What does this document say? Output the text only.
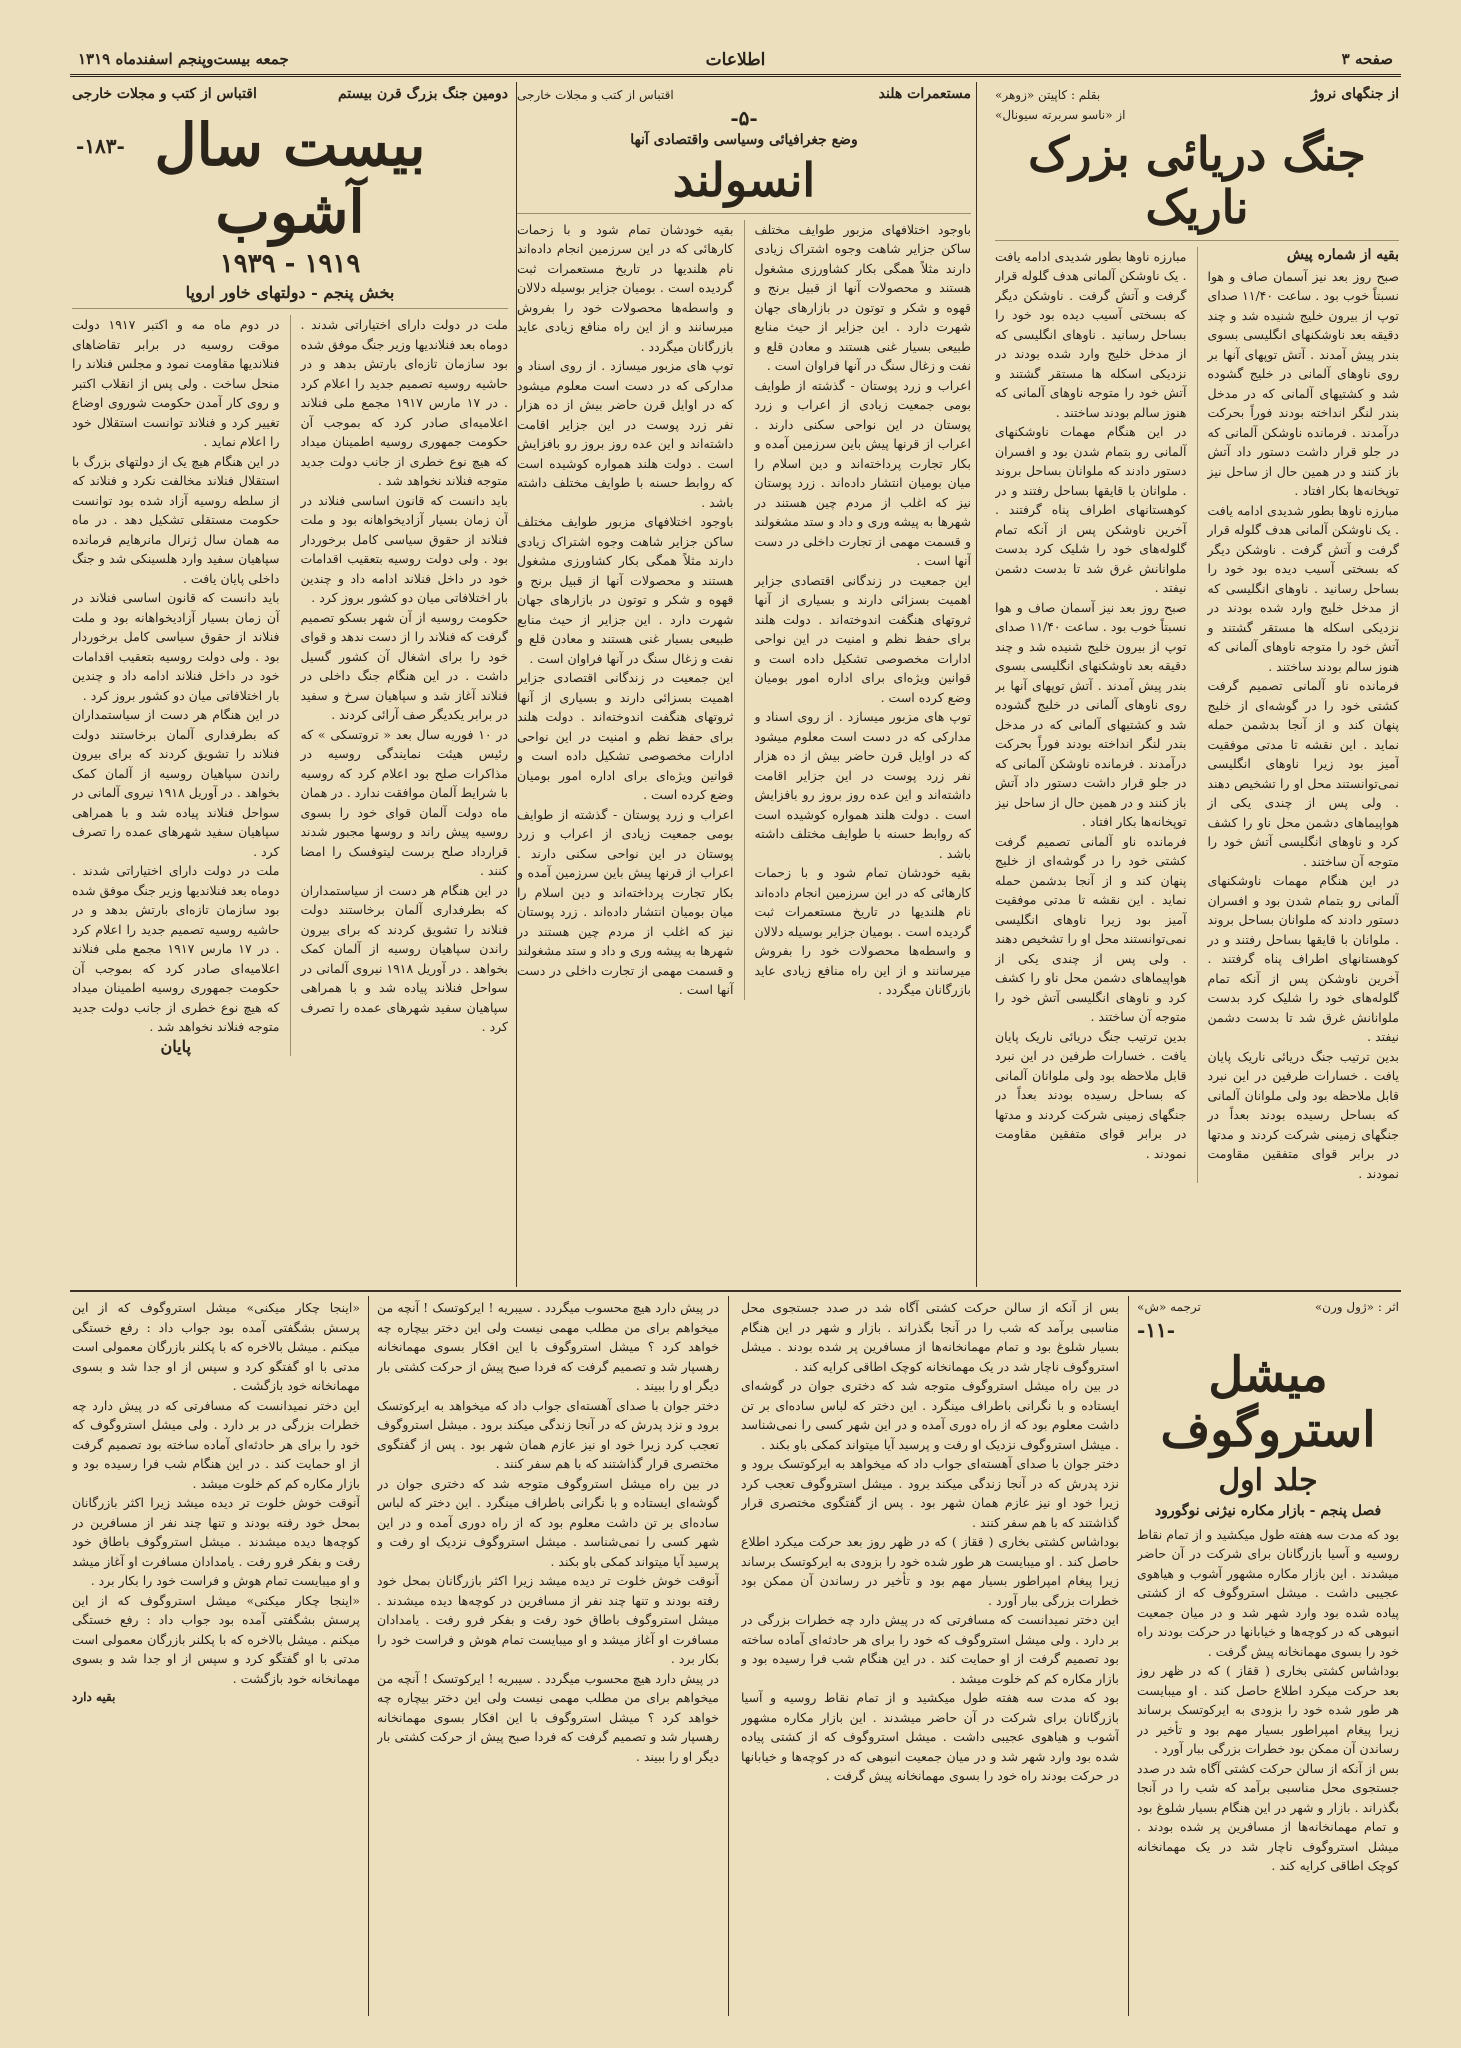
صفحه ۳
اطلاعات
جمعه بیست‌وپنجم اسفندماه ۱۳۱۹
از جنگهای نروژ
بقلم : کاپیتن «زوهر»
از «ناسو سربرته سیونال»
جنگ دریائی بزرک ناریک
بقیه از شماره پیش

صبح روز بعد نیز آسمان صاف و هوا نسبتاً خوب بود . ساعت ۱۱/۴۰ صدای توپ از بیرون خلیج شنیده شد و چند دقیقه بعد ناوشکنهای انگلیسی بسوی بندر پیش آمدند . آتش توپهای آنها بر روی ناوهای آلمانی در خلیج گشوده شد و کشتیهای آلمانی که در مدخل بندر لنگر انداخته بودند فوراً بحرکت درآمدند . فرمانده ناوشکن آلمانی که در جلو قرار داشت دستور داد آتش باز کنند و در همین حال از ساحل نیز توپخانه‌ها بکار افتاد .

مبارزه ناوها بطور شدیدی ادامه یافت . یک ناوشکن آلمانی هدف گلوله قرار گرفت و آتش گرفت . ناوشکن دیگر که بسختی آسیب دیده بود خود را بساحل رسانید . ناوهای انگلیسی که از مدخل خلیج وارد شده بودند در نزدیکی اسکله ها مستقر گشتند و آتش خود را متوجه ناوهای آلمانی که هنوز سالم بودند ساختند .

فرمانده ناو آلمانی تصمیم گرفت کشتی خود را در گوشه‌ای از خلیج پنهان کند و از آنجا بدشمن حمله نماید . این نقشه تا مدتی موفقیت آمیز بود زیرا ناوهای انگلیسی نمی‌توانستند محل او را تشخیص دهند . ولی پس از چندی یکی از هواپیماهای دشمن محل ناو را کشف کرد و ناوهای انگلیسی آتش خود را متوجه آن ساختند .

در این هنگام مهمات ناوشکنهای آلمانی رو بتمام شدن بود و افسران دستور دادند که ملوانان بساحل بروند . ملوانان با قایقها بساحل رفتند و در کوهستانهای اطراف پناه گرفتند . آخرین ناوشکن پس از آنکه تمام گلوله‌های خود را شلیک کرد بدست ملوانانش غرق شد تا بدست دشمن نیفتد .

بدین ترتیب جنگ دریائی ناریک پایان یافت . خسارات طرفین در این نبرد قابل ملاحظه بود ولی ملوانان آلمانی که بساحل رسیده بودند بعداً در جنگهای زمینی شرکت کردند و مدتها در برابر قوای متفقین مقاومت نمودند .

مبارزه ناوها بطور شدیدی ادامه یافت . یک ناوشکن آلمانی هدف گلوله قرار گرفت و آتش گرفت . ناوشکن دیگر که بسختی آسیب دیده بود خود را بساحل رسانید . ناوهای انگلیسی که از مدخل خلیج وارد شده بودند در نزدیکی اسکله ها مستقر گشتند و آتش خود را متوجه ناوهای آلمانی که هنوز سالم بودند ساختند .

در این هنگام مهمات ناوشکنهای آلمانی رو بتمام شدن بود و افسران دستور دادند که ملوانان بساحل بروند . ملوانان با قایقها بساحل رفتند و در کوهستانهای اطراف پناه گرفتند . آخرین ناوشکن پس از آنکه تمام گلوله‌های خود را شلیک کرد بدست ملوانانش غرق شد تا بدست دشمن نیفتد .

صبح روز بعد نیز آسمان صاف و هوا نسبتاً خوب بود . ساعت ۱۱/۴۰ صدای توپ از بیرون خلیج شنیده شد و چند دقیقه بعد ناوشکنهای انگلیسی بسوی بندر پیش آمدند . آتش توپهای آنها بر روی ناوهای آلمانی در خلیج گشوده شد و کشتیهای آلمانی که در مدخل بندر لنگر انداخته بودند فوراً بحرکت درآمدند . فرمانده ناوشکن آلمانی که در جلو قرار داشت دستور داد آتش باز کنند و در همین حال از ساحل نیز توپخانه‌ها بکار افتاد .

فرمانده ناو آلمانی تصمیم گرفت کشتی خود را در گوشه‌ای از خلیج پنهان کند و از آنجا بدشمن حمله نماید . این نقشه تا مدتی موفقیت آمیز بود زیرا ناوهای انگلیسی نمی‌توانستند محل او را تشخیص دهند . ولی پس از چندی یکی از هواپیماهای دشمن محل ناو را کشف کرد و ناوهای انگلیسی آتش خود را متوجه آن ساختند .

بدین ترتیب جنگ دریائی ناریک پایان یافت . خسارات طرفین در این نبرد قابل ملاحظه بود ولی ملوانان آلمانی که بساحل رسیده بودند بعداً در جنگهای زمینی شرکت کردند و مدتها در برابر قوای متفقین مقاومت نمودند .

مستعمرات هلند
اقتباس از کتب و مجلات خارجی
-۵-
وضع جغرافیائی وسیاسی واقتصادی آنها
انسولند

باوجود اختلافهای مزبور طوایف مختلف ساکن جزایر شاهت وجوه اشتراک زیادی دارند مثلاً همگی بکار کشاورزی مشغول هستند و محصولات آنها از قبیل برنج و قهوه و شکر و توتون در بازارهای جهان شهرت دارد . این جزایر از حیث منابع طبیعی بسیار غنی هستند و معادن قلع و نفت و زغال سنگ در آنها فراوان است .

اعراب و زرد پوستان - گذشته از طوایف بومی جمعیت زیادی از اعراب و زرد پوستان در این نواحی سکنی دارند . اعراب از قرنها پیش باین سرزمین آمده و بکار تجارت پرداخته‌اند و دین اسلام را میان بومیان انتشار داده‌اند . زرد پوستان نیز که اغلب از مردم چین هستند در شهرها به پیشه وری و داد و ستد مشغولند و قسمت مهمی از تجارت داخلی در دست آنها است .

این جمعیت در زندگانی اقتصادی جزایر اهمیت بسزائی دارند و بسیاری از آنها ثروتهای هنگفت اندوخته‌اند . دولت هلند برای حفظ نظم و امنیت در این نواحی ادارات مخصوصی تشکیل داده است و قوانین ویژه‌ای برای اداره امور بومیان وضع کرده است .

توپ های مزبور میسازد . از روی اسناد و مدارکی که در دست است معلوم میشود که در اوایل قرن حاضر بیش از ده هزار نفر زرد پوست در این جزایر اقامت داشته‌اند و این عده روز بروز رو بافزایش است . دولت هلند همواره کوشیده است که روابط حسنه با طوایف مختلف داشته باشد .

بقیه خودشان تمام شود و با زحمات کارهائی که در این سرزمین انجام داده‌اند نام هلندیها در تاریخ مستعمرات ثبت گردیده است . بومیان جزایر بوسیله دلالان و واسطه‌ها محصولات خود را بفروش میرسانند و از این راه منافع زیادی عاید بازرگانان میگردد .

بقیه خودشان تمام شود و با زحمات کارهائی که در این سرزمین انجام داده‌اند نام هلندیها در تاریخ مستعمرات ثبت گردیده است . بومیان جزایر بوسیله دلالان و واسطه‌ها محصولات خود را بفروش میرسانند و از این راه منافع زیادی عاید بازرگانان میگردد .

توپ های مزبور میسازد . از روی اسناد و مدارکی که در دست است معلوم میشود که در اوایل قرن حاضر بیش از ده هزار نفر زرد پوست در این جزایر اقامت داشته‌اند و این عده روز بروز رو بافزایش است . دولت هلند همواره کوشیده است که روابط حسنه با طوایف مختلف داشته باشد .

باوجود اختلافهای مزبور طوایف مختلف ساکن جزایر شاهت وجوه اشتراک زیادی دارند مثلاً همگی بکار کشاورزی مشغول هستند و محصولات آنها از قبیل برنج و قهوه و شکر و توتون در بازارهای جهان شهرت دارد . این جزایر از حیث منابع طبیعی بسیار غنی هستند و معادن قلع و نفت و زغال سنگ در آنها فراوان است .

این جمعیت در زندگانی اقتصادی جزایر اهمیت بسزائی دارند و بسیاری از آنها ثروتهای هنگفت اندوخته‌اند . دولت هلند برای حفظ نظم و امنیت در این نواحی ادارات مخصوصی تشکیل داده است و قوانین ویژه‌ای برای اداره امور بومیان وضع کرده است .

اعراب و زرد پوستان - گذشته از طوایف بومی جمعیت زیادی از اعراب و زرد پوستان در این نواحی سکنی دارند . اعراب از قرنها پیش باین سرزمین آمده و بکار تجارت پرداخته‌اند و دین اسلام را میان بومیان انتشار داده‌اند . زرد پوستان نیز که اغلب از مردم چین هستند در شهرها به پیشه وری و داد و ستد مشغولند و قسمت مهمی از تجارت داخلی در دست آنها است .

دومین جنگ بزرگ قرن بیستم
اقتباس از کتب و مجلات خارجی
بیست سال آشوب
-۱۸۳-
۱۹۱۹ - ۱۹۳۹
بخش پنجم - دولتهای خاور اروپا

ملت در دولت دارای اختیاراتی شدند . دوماه بعد فنلاندیها وزیر جنگ موفق شده بود سازمان تازه‌ای بارتش بدهد و در حاشیه روسیه تصمیم جدید را اعلام کرد . در ۱۷ مارس ۱۹۱۷ مجمع ملی فنلاند اعلامیه‌ای صادر کرد که بموجب آن حکومت جمهوری روسیه اطمینان میداد که هیچ نوع خطری از جانب دولت جدید متوجه فنلاند نخواهد شد .

باید دانست که قانون اساسی فنلاند در آن زمان بسیار آزادیخواهانه بود و ملت فنلاند از حقوق سیاسی کامل برخوردار بود . ولی دولت روسیه بتعقیب اقدامات خود در داخل فنلاند ادامه داد و چندین بار اختلافاتی میان دو کشور بروز کرد .

حکومت روسیه از آن شهر بسکو تصمیم گرفت که فنلاند را از دست ندهد و قوای خود را برای اشغال آن کشور گسیل داشت . در این هنگام جنگ داخلی در فنلاند آغاز شد و سپاهیان سرخ و سفید در برابر یکدیگر صف آرائی کردند .

در ۱۰ فوریه سال بعد « تروتسکی » که رئیس هیئت نمایندگی روسیه در مذاکرات صلح بود اعلام کرد که روسیه با شرایط آلمان موافقت ندارد . در همان ماه دولت آلمان قوای خود را بسوی روسیه پیش راند و روسها مجبور شدند قرارداد صلح برست لیتوفسک را امضا کنند .

در این هنگام هر دست از سیاستمداران که بطرفداری آلمان برخاستند دولت فنلاند را تشویق کردند که برای بیرون راندن سپاهیان روسیه از آلمان کمک بخواهد . در آوریل ۱۹۱۸ نیروی آلمانی در سواحل فنلاند پیاده شد و با همراهی سپاهیان سفید شهرهای عمده را تصرف کرد .

در دوم ماه مه و اکتبر ۱۹۱۷ دولت موقت روسیه در برابر تقاضاهای فنلاندیها مقاومت نمود و مجلس فنلاند را منحل ساخت . ولی پس از انقلاب اکتبر و روی کار آمدن حکومت شوروی اوضاع تغییر کرد و فنلاند توانست استقلال خود را اعلام نماید .

در این هنگام هیچ یک از دولتهای بزرگ با استقلال فنلاند مخالفت نکرد و فنلاند که از سلطه روسیه آزاد شده بود توانست حکومت مستقلی تشکیل دهد . در ماه مه همان سال ژنرال مانرهایم فرمانده سپاهیان سفید وارد هلسینکی شد و جنگ داخلی پایان یافت .

باید دانست که قانون اساسی فنلاند در آن زمان بسیار آزادیخواهانه بود و ملت فنلاند از حقوق سیاسی کامل برخوردار بود . ولی دولت روسیه بتعقیب اقدامات خود در داخل فنلاند ادامه داد و چندین بار اختلافاتی میان دو کشور بروز کرد .

در این هنگام هر دست از سیاستمداران که بطرفداری آلمان برخاستند دولت فنلاند را تشویق کردند که برای بیرون راندن سپاهیان روسیه از آلمان کمک بخواهد . در آوریل ۱۹۱۸ نیروی آلمانی در سواحل فنلاند پیاده شد و با همراهی سپاهیان سفید شهرهای عمده را تصرف کرد .

ملت در دولت دارای اختیاراتی شدند . دوماه بعد فنلاندیها وزیر جنگ موفق شده بود سازمان تازه‌ای بارتش بدهد و در حاشیه روسیه تصمیم جدید را اعلام کرد . در ۱۷ مارس ۱۹۱۷ مجمع ملی فنلاند اعلامیه‌ای صادر کرد که بموجب آن حکومت جمهوری روسیه اطمینان میداد که هیچ نوع خطری از جانب دولت جدید متوجه فنلاند نخواهد شد .

پایان
اثر : «ژول ورن»
ترجمه «ش»
-۱۱-
میشل استروگوف
جلد اول
فصل پنجم - بازار مکاره نیژنی نوگورود

بود که مدت سه هفته طول میکشید و از تمام نقاط روسیه و آسیا بازرگانان برای شرکت در آن حاضر میشدند . این بازار مکاره مشهور آشوب و هیاهوی عجیبی داشت . میشل استروگوف که از کشتی پیاده شده بود وارد شهر شد و در میان جمعیت انبوهی که در کوچه‌ها و خیابانها در حرکت بودند راه خود را بسوی مهمانخانه پیش گرفت .

بوداشاس کشتی بخاری ( ققاز ) که در ظهر روز بعد حرکت میکرد اطلاع حاصل کند . او میبایست هر طور شده خود را بزودی به ایرکوتسک برساند زیرا پیغام امپراطور بسیار مهم بود و تأخیر در رساندن آن ممکن بود خطرات بزرگی ببار آورد .

بس از آنکه از سالن حرکت کشتی آگاه شد در صدد جستجوی محل مناسبی برآمد که شب را در آنجا بگذراند . بازار و شهر در این هنگام بسیار شلوغ بود و تمام مهمانخانه‌ها از مسافرین پر شده بودند . میشل استروگوف ناچار شد در یک مهمانخانه کوچک اطاقی کرایه کند .

بس از آنکه از سالن حرکت کشتی آگاه شد در صدد جستجوی محل مناسبی برآمد که شب را در آنجا بگذراند . بازار و شهر در این هنگام بسیار شلوغ بود و تمام مهمانخانه‌ها از مسافرین پر شده بودند . میشل استروگوف ناچار شد در یک مهمانخانه کوچک اطاقی کرایه کند .

در بین راه میشل استروگوف متوجه شد که دختری جوان در گوشه‌ای ایستاده و با نگرانی باطراف مینگرد . این دختر که لباس ساده‌ای بر تن داشت معلوم بود که از راه دوری آمده و در این شهر کسی را نمی‌شناسد . میشل استروگوف نزدیک او رفت و پرسید آیا میتواند کمکی باو بکند .

دختر جوان با صدای آهسته‌ای جواب داد که میخواهد به ایرکوتسک برود و نزد پدرش که در آنجا زندگی میکند برود . میشل استروگوف تعجب کرد زیرا خود او نیز عازم همان شهر بود . پس از گفتگوی مختصری قرار گذاشتند که با هم سفر کنند .

بوداشاس کشتی بخاری ( ققاز ) که در ظهر روز بعد حرکت میکرد اطلاع حاصل کند . او میبایست هر طور شده خود را بزودی به ایرکوتسک برساند زیرا پیغام امپراطور بسیار مهم بود و تأخیر در رساندن آن ممکن بود خطرات بزرگی ببار آورد .

این دختر نمیدانست که مسافرتی که در پیش دارد چه خطرات بزرگی در بر دارد . ولی میشل استروگوف که خود را برای هر حادثه‌ای آماده ساخته بود تصمیم گرفت از او حمایت کند . در این هنگام شب فرا رسیده بود و بازار مکاره کم کم خلوت میشد .

بود که مدت سه هفته طول میکشید و از تمام نقاط روسیه و آسیا بازرگانان برای شرکت در آن حاضر میشدند . این بازار مکاره مشهور آشوب و هیاهوی عجیبی داشت . میشل استروگوف که از کشتی پیاده شده بود وارد شهر شد و در میان جمعیت انبوهی که در کوچه‌ها و خیابانها در حرکت بودند راه خود را بسوی مهمانخانه پیش گرفت .

در پیش دارد هیچ محسوب میگردد . سیبریه ! ایرکوتسک ! آنچه من میخواهم برای من مطلب مهمی نیست ولی این دختر بیچاره چه خواهد کرد ؟ میشل استروگوف با این افکار بسوی مهمانخانه رهسپار شد و تصمیم گرفت که فردا صبح پیش از حرکت کشتی بار دیگر او را ببیند .

دختر جوان با صدای آهسته‌ای جواب داد که میخواهد به ایرکوتسک برود و نزد پدرش که در آنجا زندگی میکند برود . میشل استروگوف تعجب کرد زیرا خود او نیز عازم همان شهر بود . پس از گفتگوی مختصری قرار گذاشتند که با هم سفر کنند .

در بین راه میشل استروگوف متوجه شد که دختری جوان در گوشه‌ای ایستاده و با نگرانی باطراف مینگرد . این دختر که لباس ساده‌ای بر تن داشت معلوم بود که از راه دوری آمده و در این شهر کسی را نمی‌شناسد . میشل استروگوف نزدیک او رفت و پرسید آیا میتواند کمکی باو بکند .

آنوقت خوش خلوت تر دیده میشد زیرا اکثر بازرگانان بمحل خود رفته بودند و تنها چند نفر از مسافرین در کوچه‌ها دیده میشدند . میشل استروگوف باطاق خود رفت و بفکر فرو رفت . یامدادان مسافرت او آغاز میشد و او میبایست تمام هوش و فراست خود را بکار برد .

در پیش دارد هیچ محسوب میگردد . سیبریه ! ایرکوتسک ! آنچه من میخواهم برای من مطلب مهمی نیست ولی این دختر بیچاره چه خواهد کرد ؟ میشل استروگوف با این افکار بسوی مهمانخانه رهسپار شد و تصمیم گرفت که فردا صبح پیش از حرکت کشتی بار دیگر او را ببیند .

«اینجا چکار میکنی» میشل استروگوف که از این پرسش بشگفتی آمده بود جواب داد : رفع خستگی میکنم . میشل بالاخره که با پکلنر بازرگان معمولی است مدتی با او گفتگو کرد و سپس از او جدا شد و بسوی مهمانخانه خود بازگشت .

این دختر نمیدانست که مسافرتی که در پیش دارد چه خطرات بزرگی در بر دارد . ولی میشل استروگوف که خود را برای هر حادثه‌ای آماده ساخته بود تصمیم گرفت از او حمایت کند . در این هنگام شب فرا رسیده بود و بازار مکاره کم کم خلوت میشد .

آنوقت خوش خلوت تر دیده میشد زیرا اکثر بازرگانان بمحل خود رفته بودند و تنها چند نفر از مسافرین در کوچه‌ها دیده میشدند . میشل استروگوف باطاق خود رفت و بفکر فرو رفت . یامدادان مسافرت او آغاز میشد و او میبایست تمام هوش و فراست خود را بکار برد .

«اینجا چکار میکنی» میشل استروگوف که از این پرسش بشگفتی آمده بود جواب داد : رفع خستگی میکنم . میشل بالاخره که با پکلنر بازرگان معمولی است مدتی با او گفتگو کرد و سپس از او جدا شد و بسوی مهمانخانه خود بازگشت .

بقیه دارد
